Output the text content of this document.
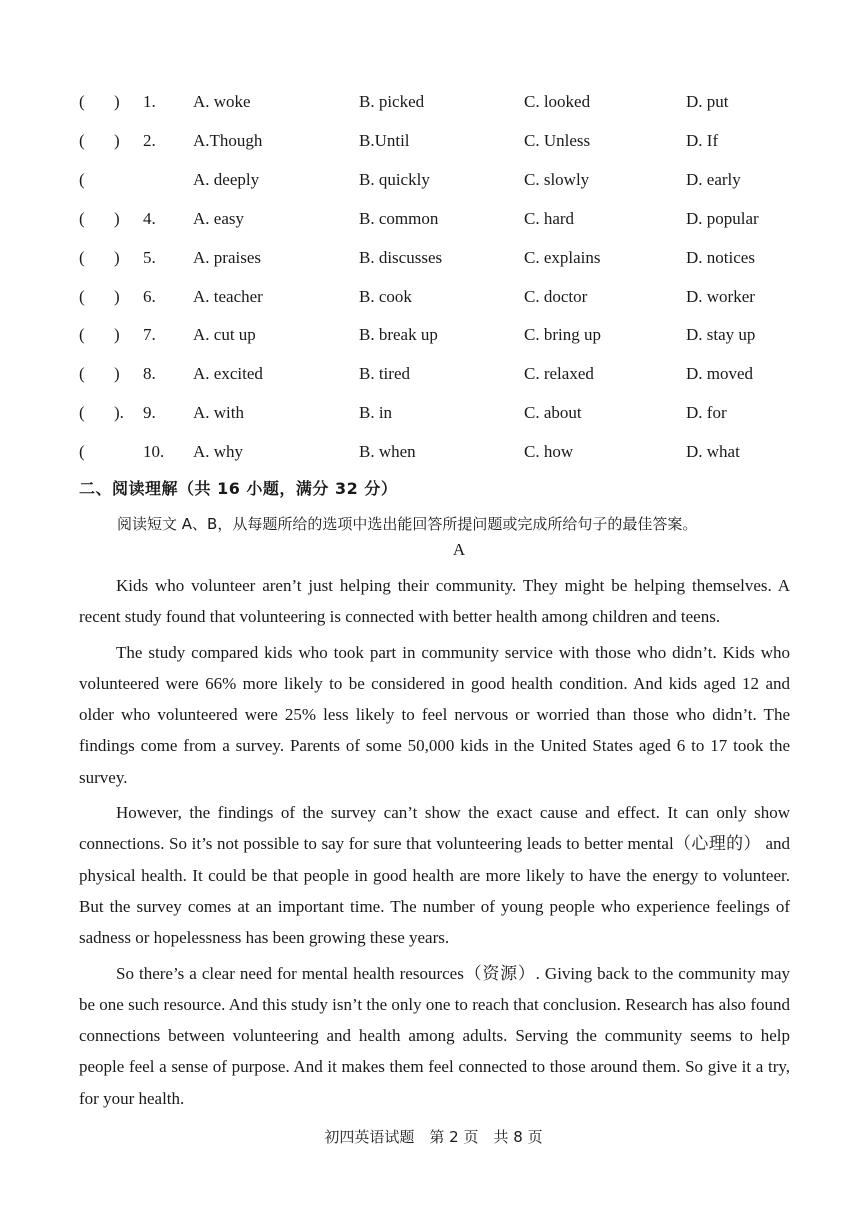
( ) 1. A. woke	B. picked	C. looked	D. put
( ) 2. A.Though	B.Until	C. Unless	D. If
(	A. deeply	B. quickly	C. slowly	D. early
( ) 4. A. easy	B. common	C. hard	D. popular
( ) 5. A. praises	B. discusses	C. explains	D. notices
( ) 6. A. teacher	B. cook	C. doctor	D. worker
( ) 7. A. cut up	B. break up	C. bring up	D. stay up
( ) 8. A. excited	B. tired	C. relaxed	D. moved
( ). 9. A. with	B. in	C. about	D. for
(	10. A. why	B. when	C. how	D. what
二、阅读理解（共 16 小题，满分 32 分）
阅读短文 A、B，从每题所给的选项中选出能回答所提问题或完成所给句子的最佳答案。
A

Kids who volunteer aren’t just helping their community. They might be helping themselves. A recent study found that volunteering is connected with better health among children and teens.

The study compared kids who took part in community service with those who didn’t. Kids who volunteered were 66% more likely to be considered in good health condition. And kids aged 12 and older who volunteered were 25% less likely to feel nervous or worried than those who didn’t. The findings come from a survey. Parents of some 50,000 kids in the United States aged 6 to 17 took the survey.

However, the findings of the survey can’t show the exact cause and effect. It can only show connections. So it’s not possible to say for sure that volunteering leads to better mental（心理的） and physical health. It could be that people in good health are more likely to have the energy to volunteer. But the survey comes at an important time. The number of young people who experience feelings of sadness or hopelessness has been growing these years.

So there’s a clear need for mental health resources（资源）. Giving back to the community may be one such resource. And this study isn’t the only one to reach that conclusion. Research has also found connections between volunteering and health among adults. Serving the community seems to help people feel a sense of purpose. And it makes them feel connected to those around them. So give it a try, for your health.

初四英语试题　第 2 页　共 8 页
